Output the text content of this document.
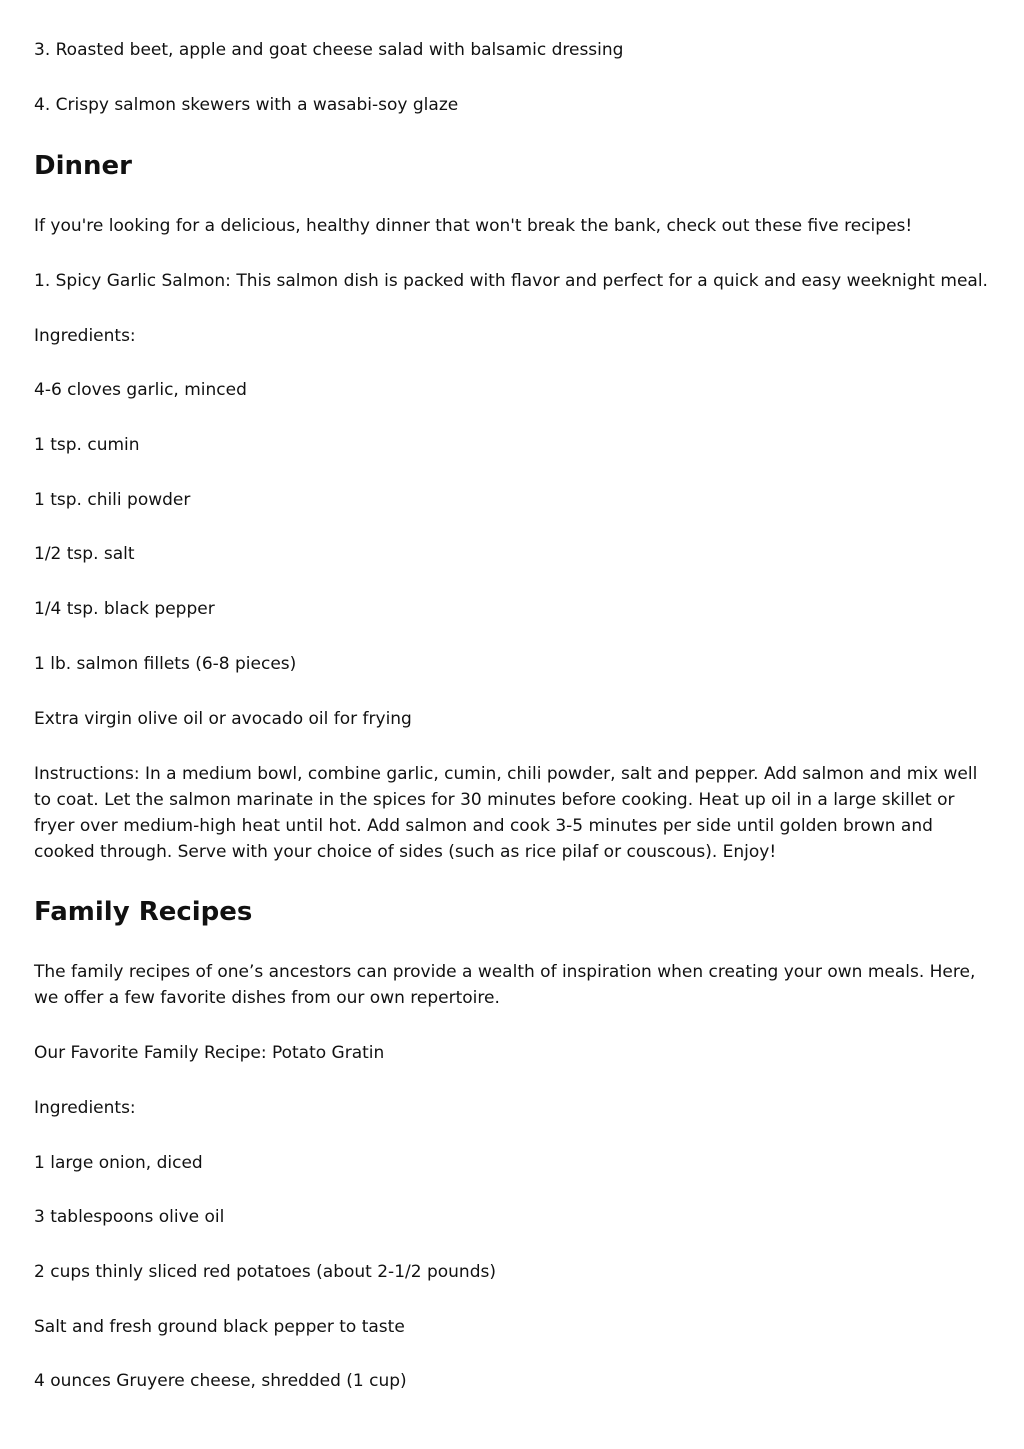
3. Roasted beet, apple and goat cheese salad with balsamic dressing

4. Crispy salmon skewers with a wasabi-soy glaze

Dinner

If you're looking for a delicious, healthy dinner that won't break the bank, check out these five recipes!

1. Spicy Garlic Salmon: This salmon dish is packed with flavor and perfect for a quick and easy weeknight meal.

Ingredients:

4-6 cloves garlic, minced

1 tsp. cumin

1 tsp. chili powder

1/2 tsp. salt

1/4 tsp. black pepper

1 lb. salmon fillets (6-8 pieces)

Extra virgin olive oil or avocado oil for frying

Instructions: In a medium bowl, combine garlic, cumin, chili powder, salt and pepper. Add salmon and mix well to coat. Let the salmon marinate in the spices for 30 minutes before cooking. Heat up oil in a large skillet or fryer over medium-high heat until hot. Add salmon and cook 3-5 minutes per side until golden brown and cooked through. Serve with your choice of sides (such as rice pilaf or couscous). Enjoy!

Family Recipes

The family recipes of one’s ancestors can provide a wealth of inspiration when creating your own meals. Here, we offer a few favorite dishes from our own repertoire.

Our Favorite Family Recipe: Potato Gratin

Ingredients:

1 large onion, diced

3 tablespoons olive oil

2 cups thinly sliced red potatoes (about 2-1/2 pounds)

Salt and fresh ground black pepper to taste

4 ounces Gruyere cheese, shredded (1 cup)
